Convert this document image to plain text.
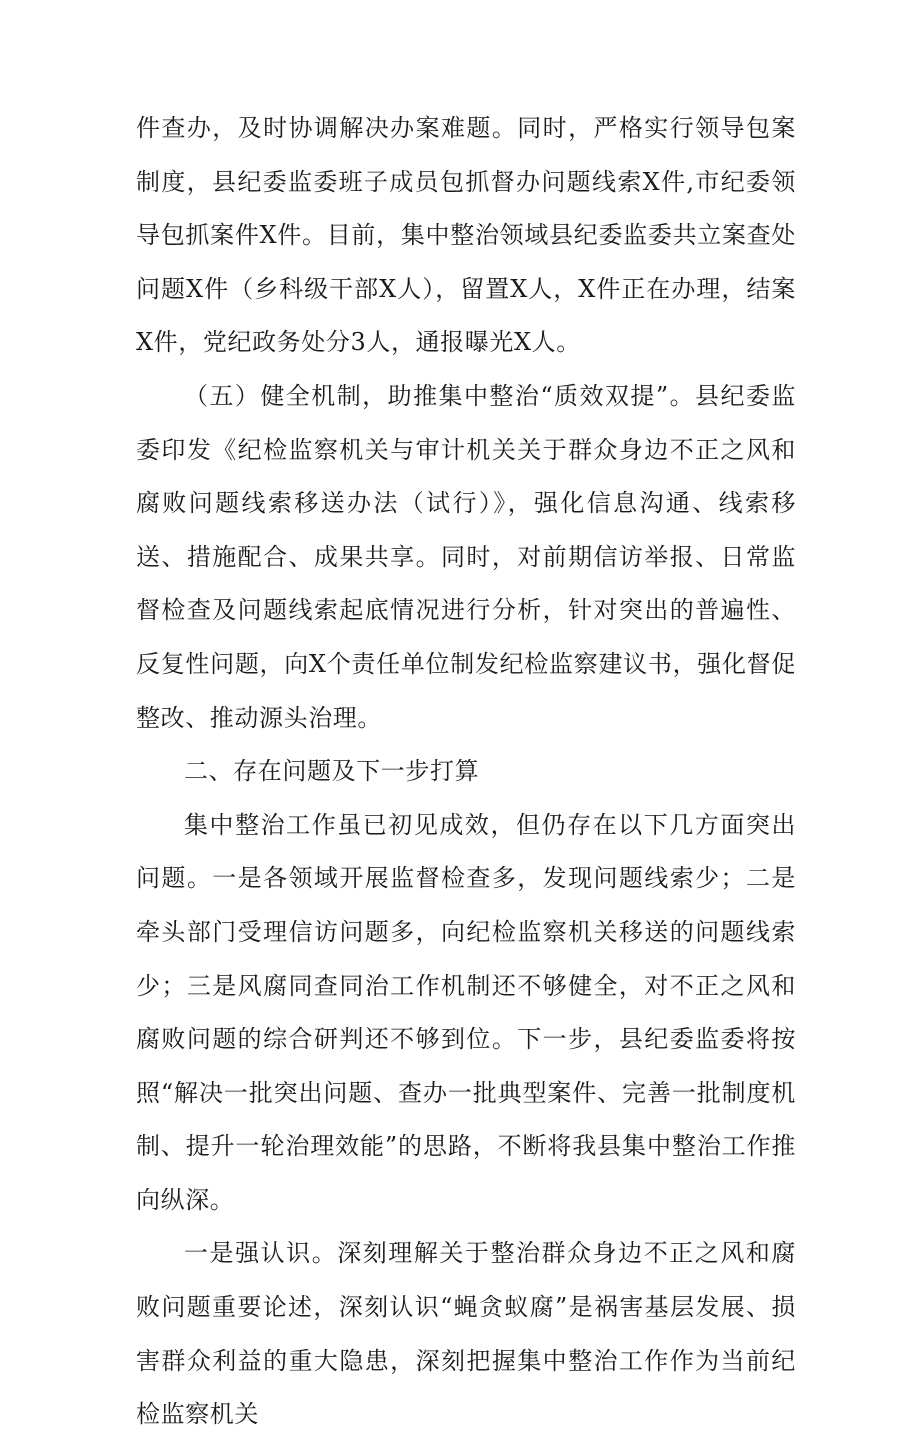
件查办，及时协调解决办案难题。同时，严格实行领导包案制度，县纪委监委班子成员包抓督办问题线索X件,市纪委领导包抓案件X件。目前，集中整治领域县纪委监委共立案查处问题X件（乡科级干部X人），留置X人，X件正在办理，结案X件，党纪政务处分3人，通报曝光X人。

（五）健全机制，助推集中整治“质效双提”。县纪委监委印发《纪检监察机关与审计机关关于群众身边不正之风和腐败问题线索移送办法（试行）》，强化信息沟通、线索移送、措施配合、成果共享。同时，对前期信访举报、日常监督检查及问题线索起底情况进行分析，针对突出的普遍性、反复性问题，向X个责任单位制发纪检监察建议书，强化督促整改、推动源头治理。

二、存在问题及下一步打算

集中整治工作虽已初见成效，但仍存在以下几方面突出问题。一是各领域开展监督检查多，发现问题线索少；二是牵头部门受理信访问题多，向纪检监察机关移送的问题线索少；三是风腐同查同治工作机制还不够健全，对不正之风和腐败问题的综合研判还不够到位。下一步，县纪委监委将按照“解决一批突出问题、查办一批典型案件、完善一批制度机制、提升一轮治理效能”的思路，不断将我县集中整治工作推向纵深。

一是强认识。深刻理解关于整治群众身边不正之风和腐败问题重要论述，深刻认识“蝇贪蚁腐”是祸害基层发展、损害群众利益的重大隐患，深刻把握集中整治工作作为当前纪检监察机关
